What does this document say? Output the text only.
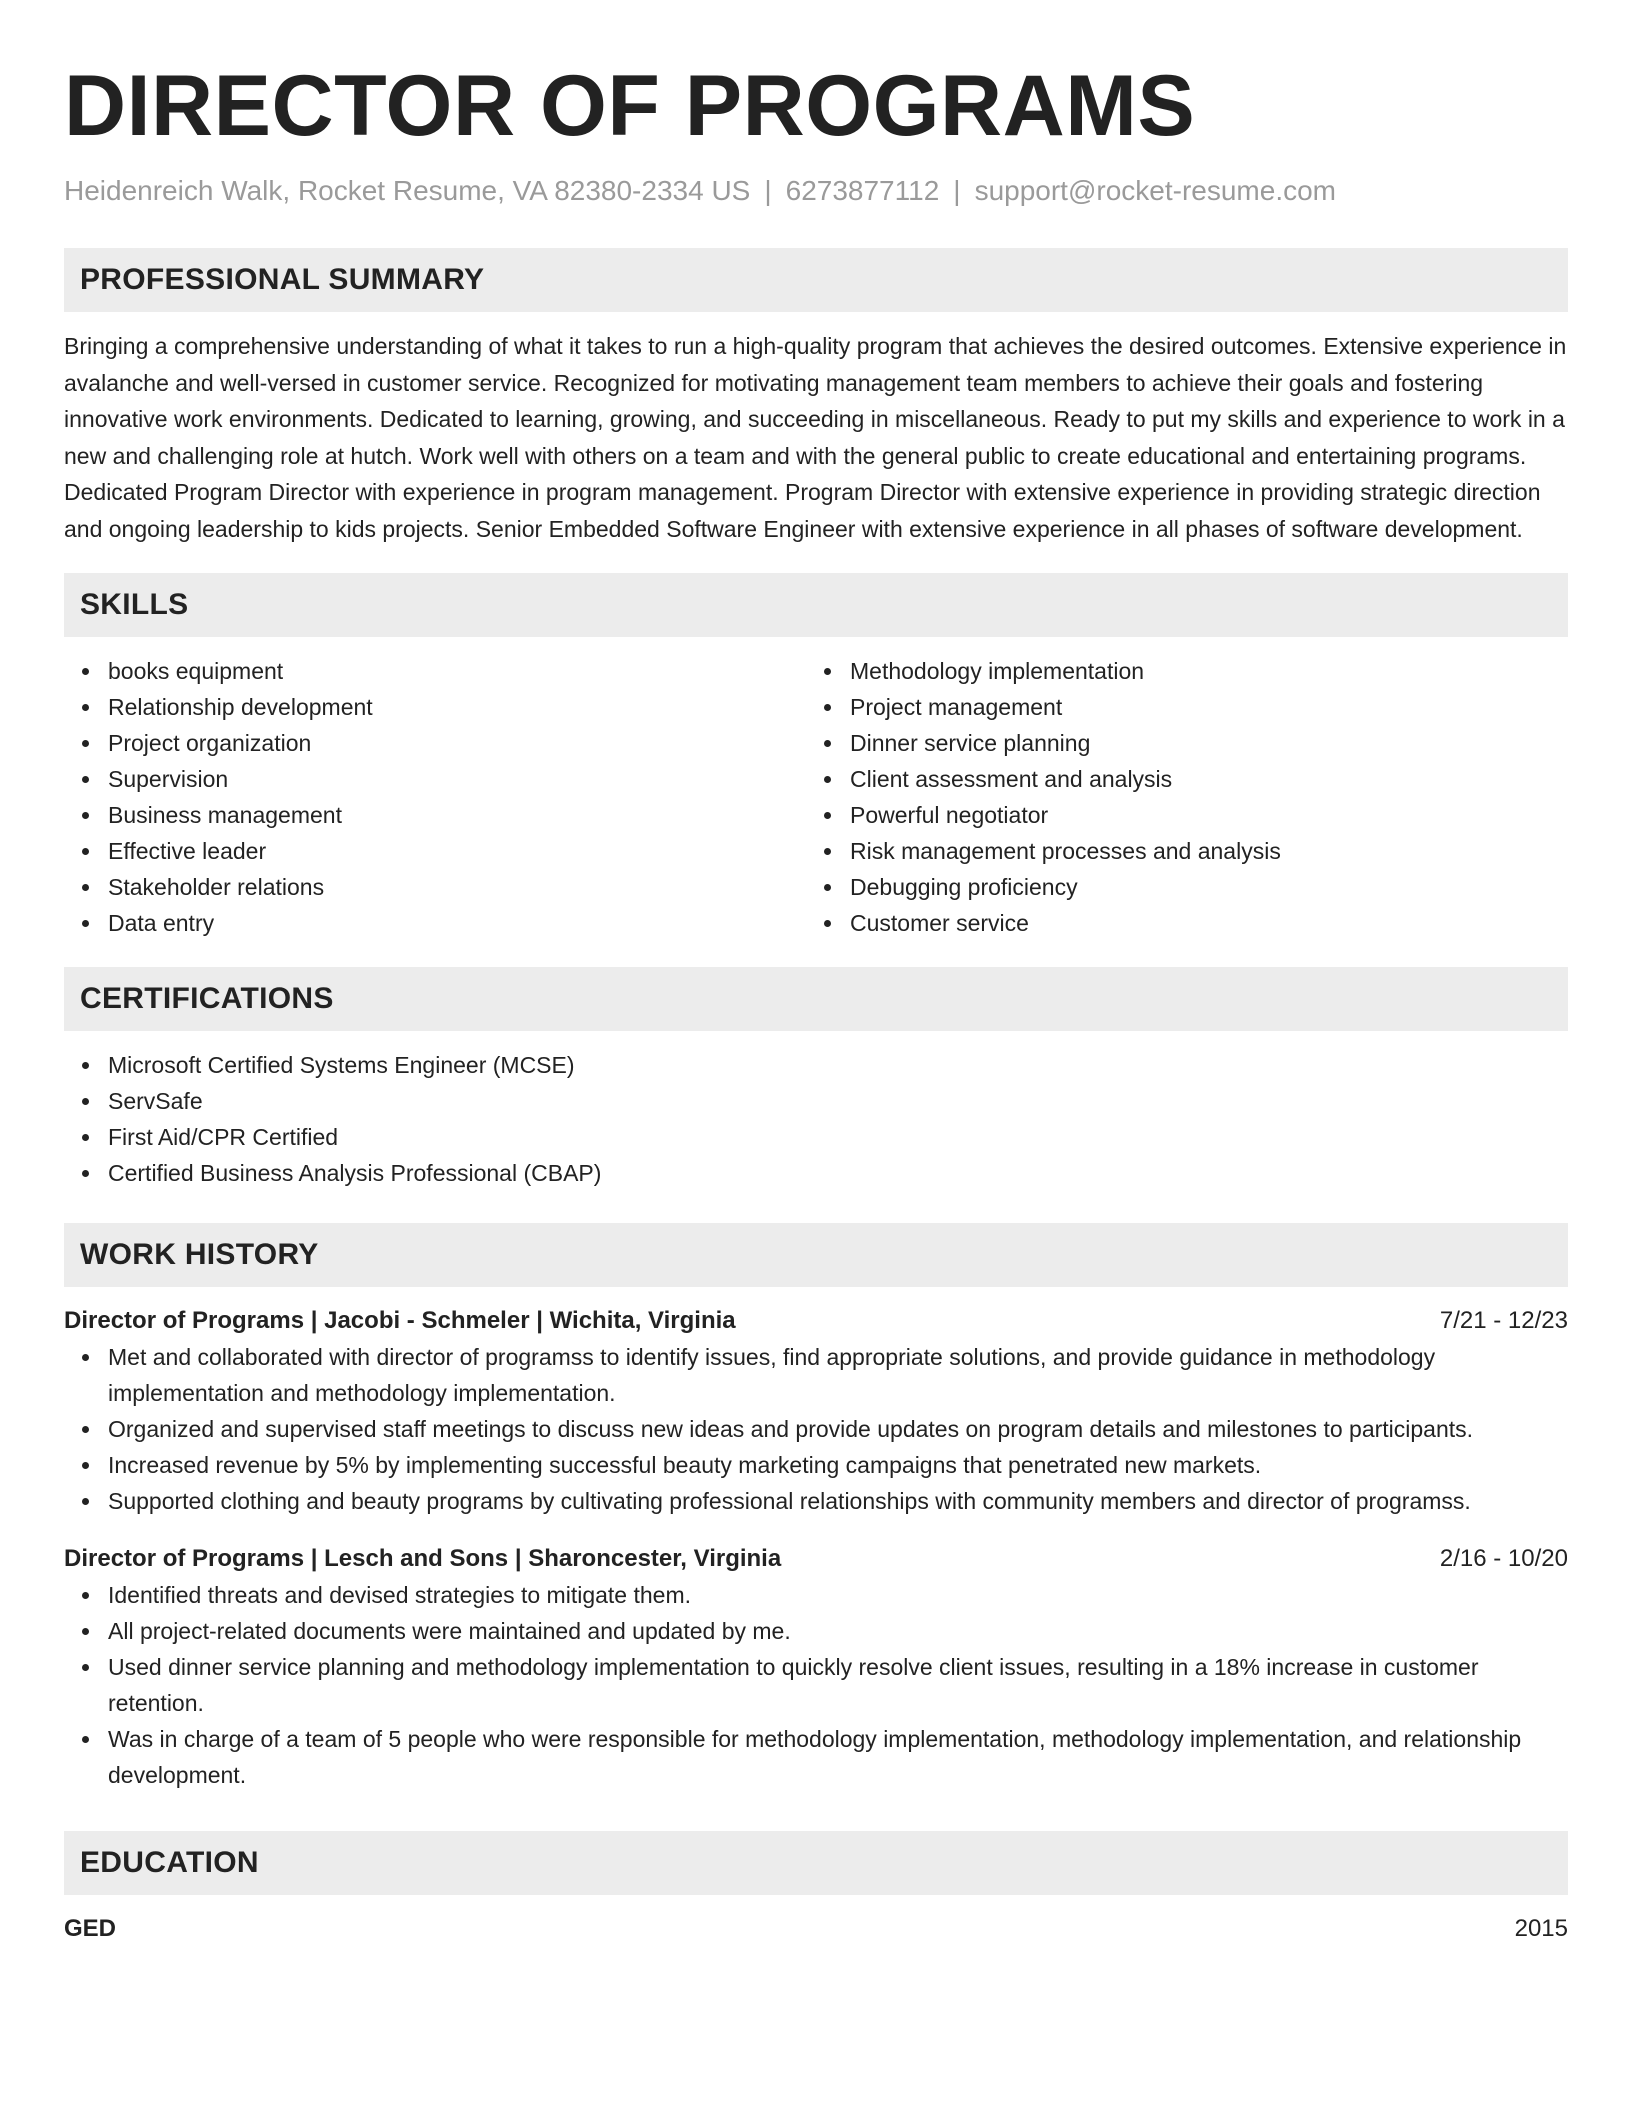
DIRECTOR OF PROGRAMS
Heidenreich Walk, Rocket Resume, VA 82380-2334 US | 6273877112 | support@rocket-resume.com
PROFESSIONAL SUMMARY
Bringing a comprehensive understanding of what it takes to run a high-quality program that achieves the desired outcomes. Extensive experience in avalanche and well-versed in customer service. Recognized for motivating management team members to achieve their goals and fostering innovative work environments. Dedicated to learning, growing, and succeeding in miscellaneous. Ready to put my skills and experience to work in a new and challenging role at hutch. Work well with others on a team and with the general public to create educational and entertaining programs. Dedicated Program Director with experience in program management. Program Director with extensive experience in providing strategic direction and ongoing leadership to kids projects. Senior Embedded Software Engineer with extensive experience in all phases of software development.
SKILLS
books equipment
Relationship development
Project organization
Supervision
Business management
Effective leader
Stakeholder relations
Data entry
Methodology implementation
Project management
Dinner service planning
Client assessment and analysis
Powerful negotiator
Risk management processes and analysis
Debugging proficiency
Customer service
CERTIFICATIONS
Microsoft Certified Systems Engineer (MCSE)
ServSafe
First Aid/CPR Certified
Certified Business Analysis Professional (CBAP)
WORK HISTORY
Director of Programs | Jacobi - Schmeler | Wichita, Virginia	7/21 - 12/23
Met and collaborated with director of programss to identify issues, find appropriate solutions, and provide guidance in methodology implementation and methodology implementation.
Organized and supervised staff meetings to discuss new ideas and provide updates on program details and milestones to participants.
Increased revenue by 5% by implementing successful beauty marketing campaigns that penetrated new markets.
Supported clothing and beauty programs by cultivating professional relationships with community members and director of programss.
Director of Programs | Lesch and Sons | Sharoncester, Virginia	2/16 - 10/20
Identified threats and devised strategies to mitigate them.
All project-related documents were maintained and updated by me.
Used dinner service planning and methodology implementation to quickly resolve client issues, resulting in a 18% increase in customer retention.
Was in charge of a team of 5 people who were responsible for methodology implementation, methodology implementation, and relationship development.
EDUCATION
GED	2015
